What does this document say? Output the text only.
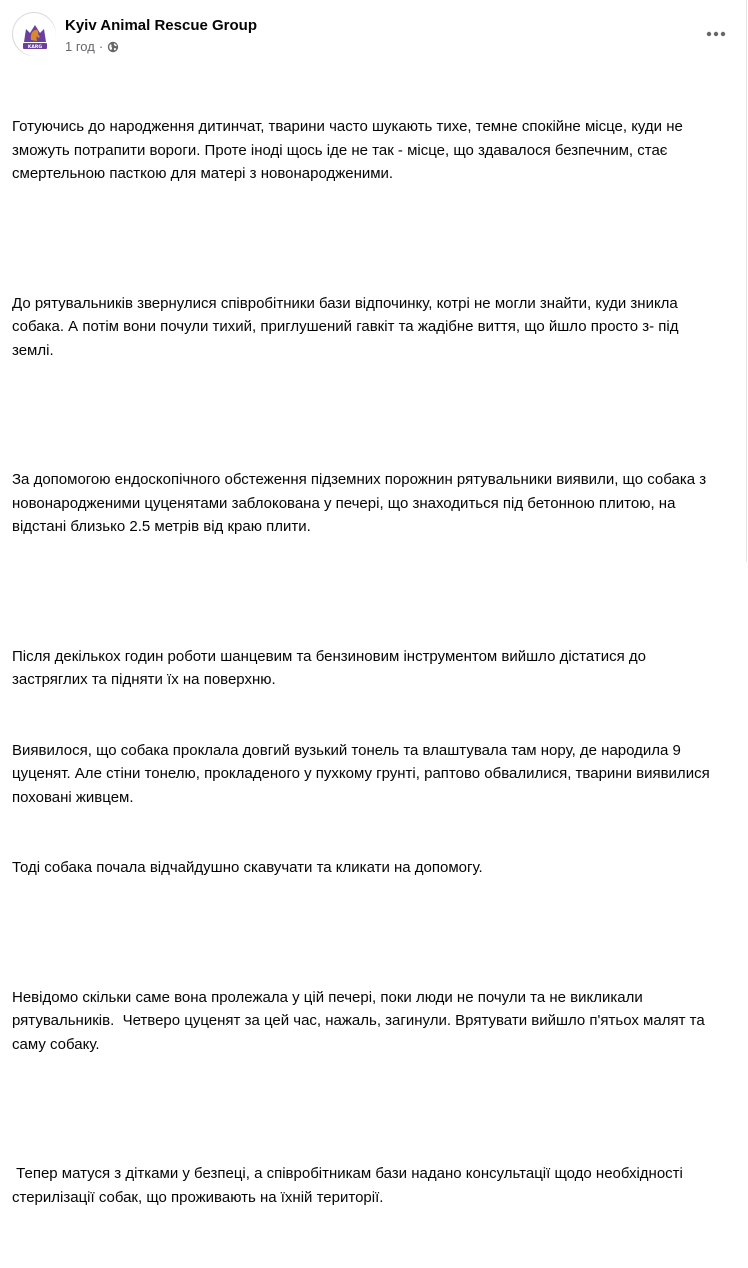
KARG
Kyiv Animal Rescue Group
1 год ·

Готуючись до народження дитинчат, тварини часто шукають тихе, темне спокійне місце, куди не зможуть потрапити вороги. Проте іноді щось іде не так - місце, що здавалося безпечним, стає смертельною пасткою для матері з новонародженими.

До рятувальників звернулися співробітники бази відпочинку, котрі не могли знайти, куди зникла собака. А потім вони почули тихий, приглушений гавкіт та жадібне виття, що йшло просто з- під землі.

За допомогою ендоскопічного обстеження підземних порожнин рятувальники виявили, що собака з новонародженими цуценятами заблокована у печері, що знаходиться під бетонною плитою, на відстані близько 2.5 метрів від краю плити.

Після декількох годин роботи шанцевим та бензиновим інструментом вийшло дістатися до застряглих та підняти їх на поверхню.

Виявилося, що собака проклала довгий вузький тонель та влаштувала там нору, де народила 9 цуценят. Алe стіни тонелю, прокладеного у пухкому грунті, раптово обвалилися, тварини виявилися поховані живцем.

Тоді собака почала відчайдушно скавучати та кликати на допомогу.

Невідомо скільки саме вона пролежала у цій печері, поки люди не почули та не викликали рятувальників.  Четверо цуценят за цей час, нажаль, загинули. Врятувати вийшло п'ятьох малят та саму собаку.

Тепер матуся з дітками у безпеці, а співробітникам бази надано консультації щодо необхідності стерилізації собак, що проживають на їхній території.
